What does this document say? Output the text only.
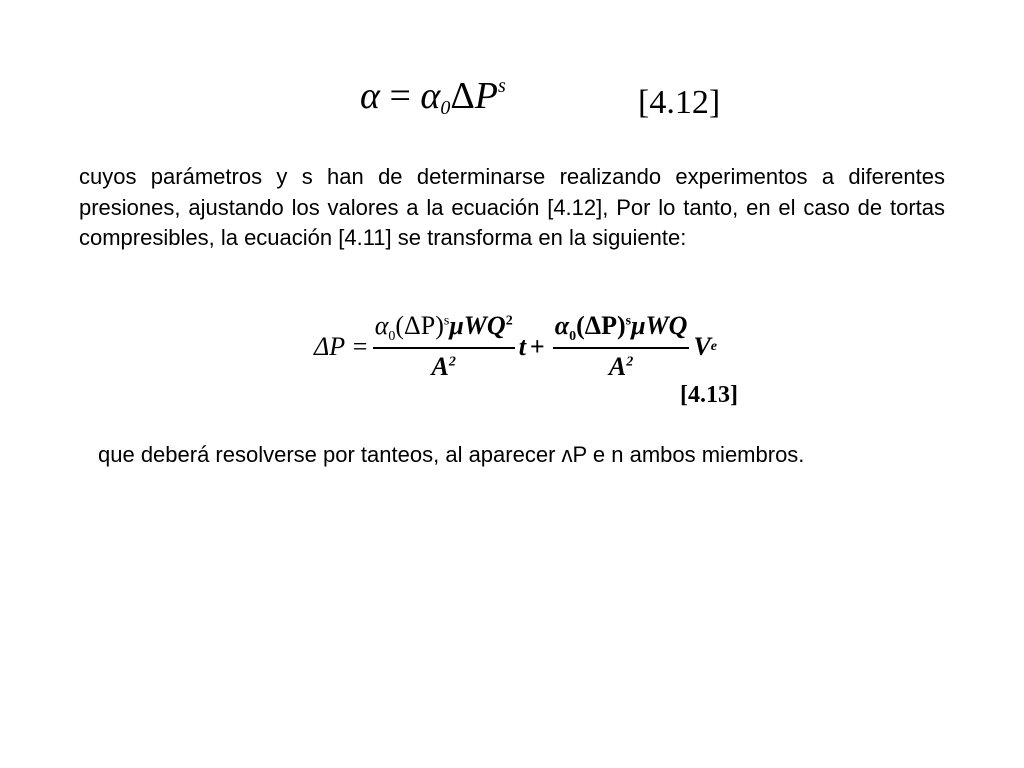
$\alpha = \alpha_0\Delta P^s$	[4.12]

cuyos parámetros y s han de determinarse realizando experimentos a diferentes presiones, ajustando los valores a la ecuación [4.12], Por lo tanto, en el caso de tortas compresibles, la ecuación [4.11] se transforma en la siguiente:

$\Delta P = \frac{\alpha_0(\Delta P)^s\mu WQ^2}{A^2}$ $t + \frac{\alpha_0(\Delta P)^s\mu WQ}{A^2}$ V e
[4.13]

que deberá resolverse por tanteos, al aparecer ʌP e n ambos miembros.
